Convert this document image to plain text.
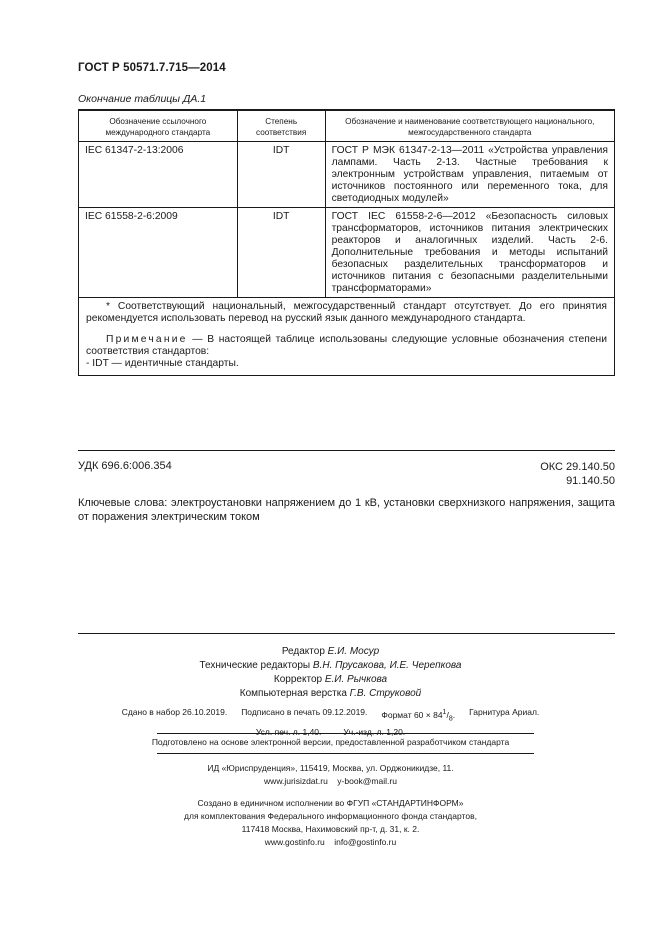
ГОСТ Р 50571.7.715—2014
Окончание таблицы ДА.1
Обозначение ссылочного международного стандарта	Степень соответствия	Обозначение и наименование соответствующего национального, межгосударственного стандарта
IEC 61347-2-13:2006	IDT	ГОСТ Р МЭК 61347-2-13—2011 «Устройства управления лампами. Часть 2-13. Частные требования к электронным устройствам управления, питаемым от источников постоянного или переменного тока, для светодиодных модулей»
IEC 61558-2-6:2009	IDT	ГОСТ IEC 61558-2-6—2012 «Безопасность силовых трансформаторов, источников питания электрических реакторов и аналогичных изделий. Часть 2-6. Дополнительные требования и методы испытаний безопасных разделительных трансформаторов и источников питания с безопасными разделительными трансформаторами»

* Соответствующий национальный, межгосударственный стандарт отсутствует. До его принятия рекомендуется использовать перевод на русский язык данного международного стандарта.

Примечание — В настоящей таблице использованы следующие условные обозначения степени соответствия стандартов:

- IDT — идентичные стандарты.		

УДК 696.6:006.354	ОКС 29.140.50
91.140.50
Ключевые слова: электроустановки напряжением до 1 кВ, установки сверхнизкого напряжения, защита от поражения электрическим током
Редактор Е.И. Мосур
Технические редакторы В.Н. Прусакова, И.Е. Черепкова
Корректор Е.И. Рычкова
Компьютерная верстка Г.В. Струковой
Сдано в набор 26.10.2019. Подписано в печать 09.12.2019. Формат $60 \times 84^1/_8$. Гарнитура Ариал.
Усл. печ. л. 1,40.	Уч.-изд. л. 1,20.
Подготовлено на основе электронной версии, предоставленной разработчиком стандарта
ИД «Юриспруденция», 115419, Москва, ул. Орджоникидзе, 11.
www.jurisizdat.ru y-book@mail.ru
Создано в единичном исполнении во ФГУП «СТАНДАРТИНФОРМ»
для комплектования Федерального информационного фонда стандартов,
117418 Москва, Нахимовский пр-т, д. 31, к. 2.
www.gostinfo.ru info@gostinfo.ru
